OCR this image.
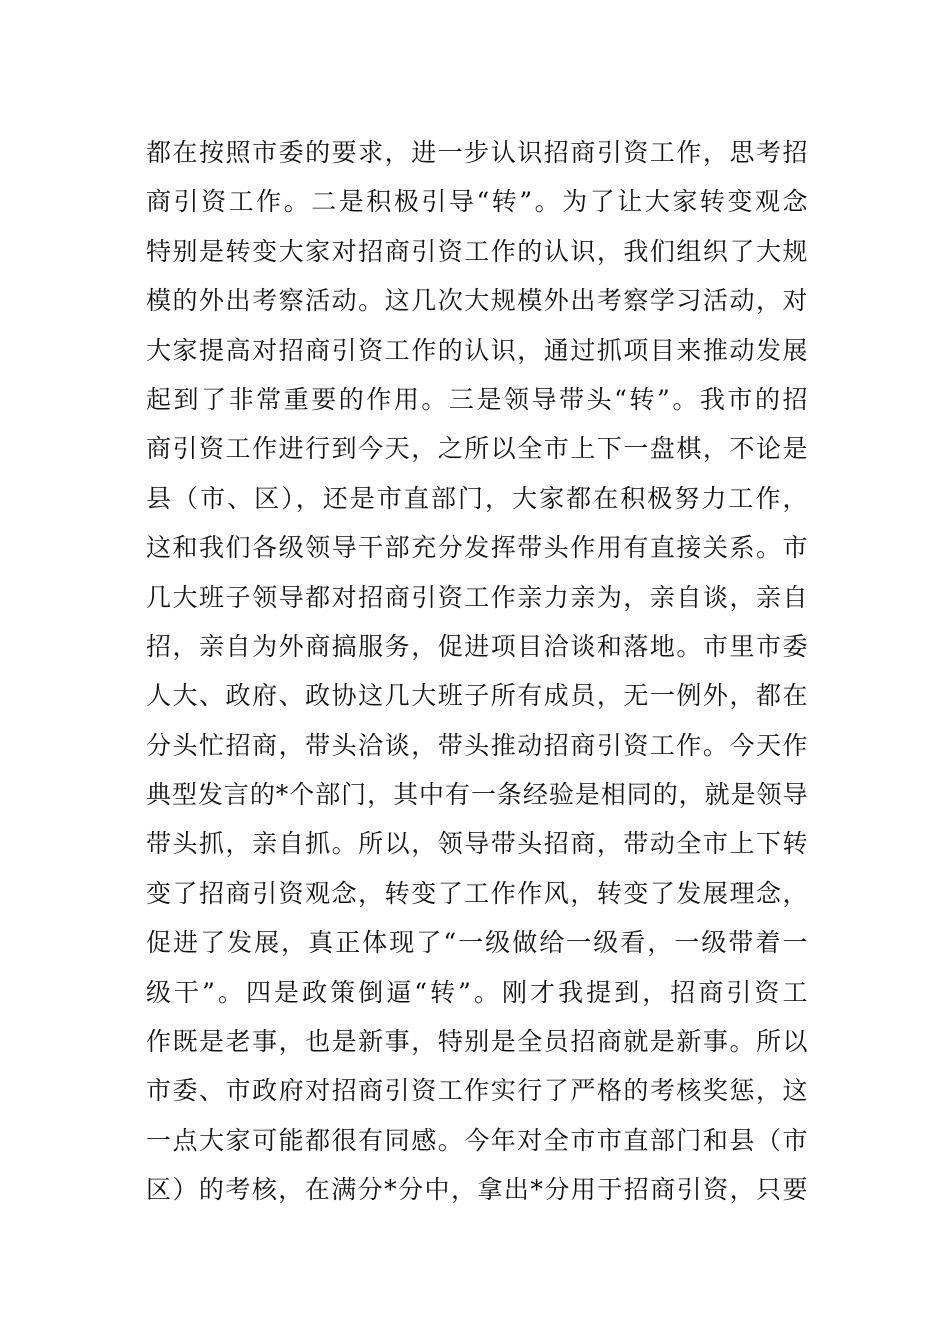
都在按照市委的要求，进一步认识招商引资工作，思考招
商引资工作。二是积极引导“转”。为了让大家转变观念
特别是转变大家对招商引资工作的认识，我们组织了大规
模的外出考察活动。这几次大规模外出考察学习活动，对
大家提高对招商引资工作的认识，通过抓项目来推动发展
起到了非常重要的作用。三是领导带头“转”。我市的招
商引资工作进行到今天，之所以全市上下一盘棋，不论是
县（市、区），还是市直部门，大家都在积极努力工作，
这和我们各级领导干部充分发挥带头作用有直接关系。市
几大班子领导都对招商引资工作亲力亲为，亲自谈，亲自
招，亲自为外商搞服务，促进项目洽谈和落地。市里市委
人大、政府、政协这几大班子所有成员，无一例外，都在
分头忙招商，带头洽谈，带头推动招商引资工作。今天作
典型发言的*个部门，其中有一条经验是相同的，就是领导
带头抓，亲自抓。所以，领导带头招商，带动全市上下转
变了招商引资观念，转变了工作作风，转变了发展理念，
促进了发展，真正体现了“一级做给一级看，一级带着一
级干”。四是政策倒逼“转”。刚才我提到，招商引资工
作既是老事，也是新事，特别是全员招商就是新事。所以
市委、市政府对招商引资工作实行了严格的考核奖惩，这
一点大家可能都很有同感。今年对全市市直部门和县（市
区）的考核，在满分*分中，拿出*分用于招商引资，只要
